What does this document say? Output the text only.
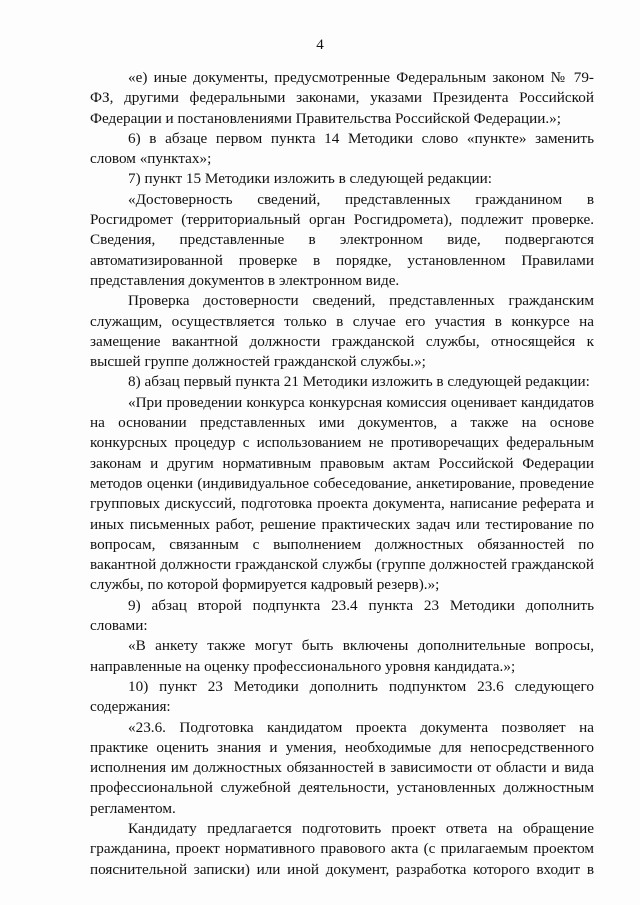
4

«е) иные документы, предусмотренные Федеральным законом № 79-ФЗ, другими федеральными законами, указами Президента Российской Федерации и постановлениями Правительства Российской Федерации.»;

6) в абзаце первом пункта 14 Методики слово «пункте» заменить словом «пунктах»;

7) пункт 15 Методики изложить в следующей редакции:

«Достоверность сведений, представленных гражданином в Росгидромет (территориальный орган Росгидромета), подлежит проверке. Сведения, представленные в электронном виде, подвергаются автоматизированной проверке в порядке, установленном Правилами представления документов в электронном виде.

Проверка достоверности сведений, представленных гражданским служащим, осуществляется только в случае его участия в конкурсе на замещение вакантной должности гражданской службы, относящейся к высшей группе должностей гражданской службы.»;

8) абзац первый пункта 21 Методики изложить в следующей редакции:

«При проведении конкурса конкурсная комиссия оценивает кандидатов на основании представленных ими документов, а также на основе конкурсных процедур с использованием не противоречащих федеральным законам и другим нормативным правовым актам Российской Федерации методов оценки (индивидуальное собеседование, анкетирование, проведение групповых дискуссий, подготовка проекта документа, написание реферата и иных письменных работ, решение практических задач или тестирование по вопросам, связанным с выполнением должностных обязанностей по вакантной должности гражданской службы (группе должностей гражданской службы, по которой формируется кадровый резерв).»;

9) абзац второй подпункта 23.4 пункта 23 Методики дополнить словами:

«В анкету также могут быть включены дополнительные вопросы, направленные на оценку профессионального уровня кандидата.»;

10) пункт 23 Методики дополнить подпунктом 23.6 следующего содержания:

«23.6. Подготовка кандидатом проекта документа позволяет на практике оценить знания и умения, необходимые для непосредственного исполнения им должностных обязанностей в зависимости от области и вида профессиональной служебной деятельности, установленных должностным регламентом.

Кандидату предлагается подготовить проект ответа на обращение гражданина, проект нормативного правового акта (с прилагаемым проектом пояснительной записки) или иной документ, разработка которого входит в
